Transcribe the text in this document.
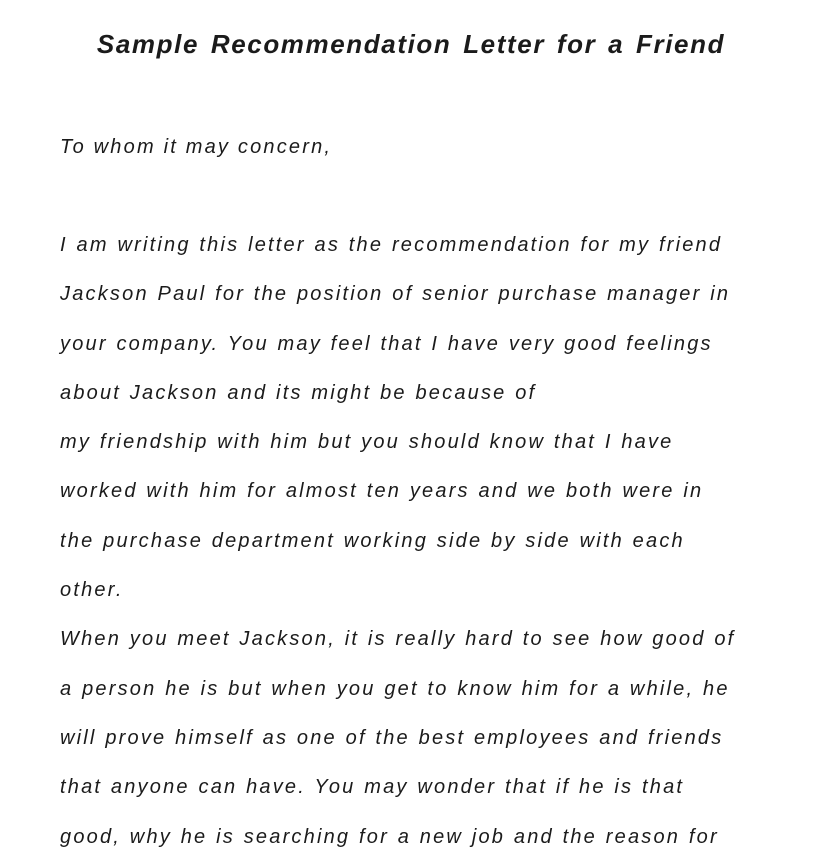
Sample Recommendation Letter for a Friend

To whom it may concern,

I am writing this letter as the recommendation for my friend
Jackson Paul for the position of senior purchase manager in
your company. You may feel that I have very good feelings
about Jackson and its might be because of
my friendship with him but you should know that I have
worked with him for almost ten years and we both were in
the purchase department working side by side with each
other.
When you meet Jackson, it is really hard to see how good of
a person he is but when you get to know him for a while, he
will prove himself as one of the best employees and friends
that anyone can have. You may wonder that if he is that
good, why he is searching for a new job and the reason for
